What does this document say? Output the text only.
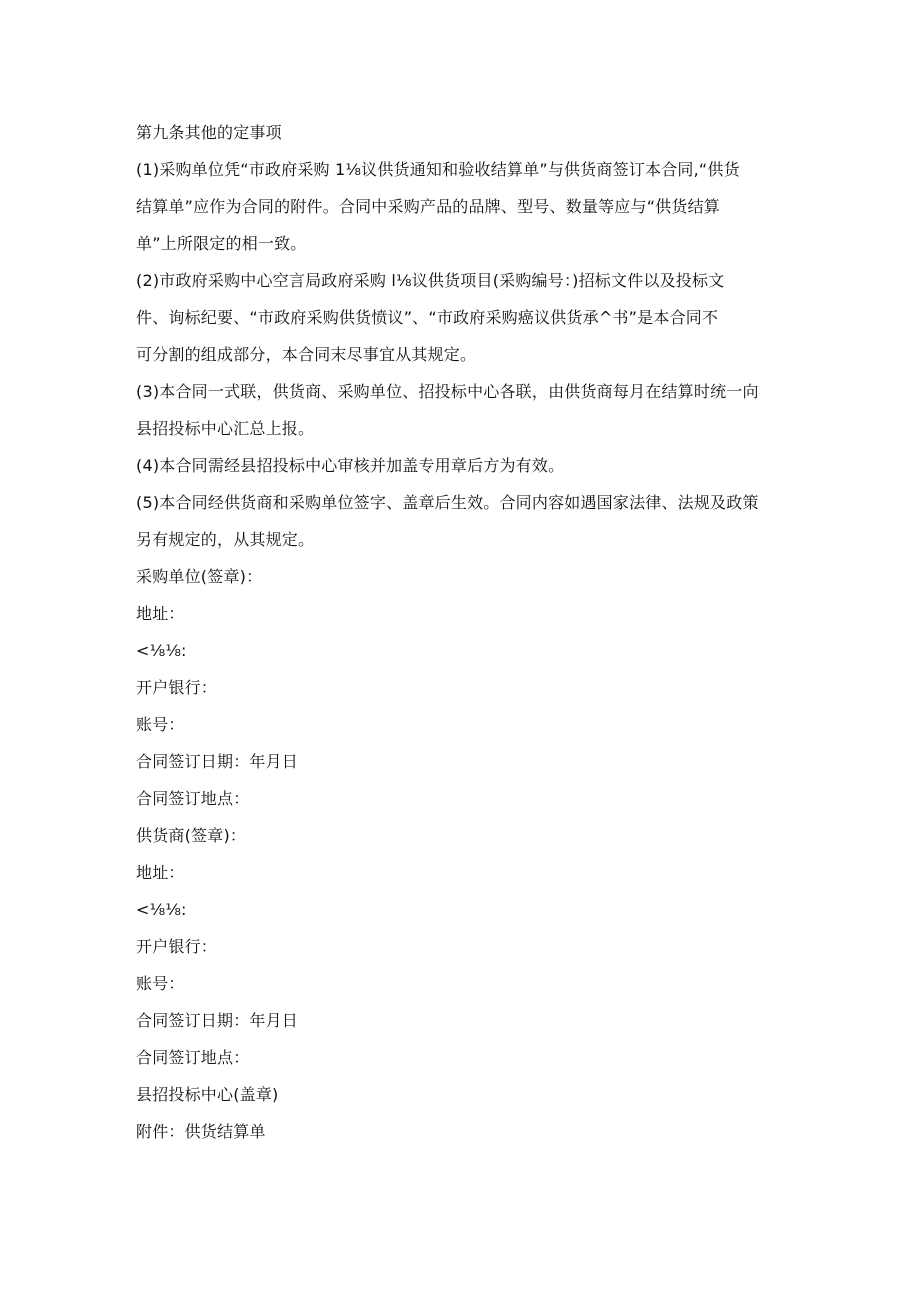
第九条其他的定事项
(1)采购单位凭“市政府采购 1⅛议供货通知和验收结算单”与供货商签订本合同,“供货
结算单”应作为合同的附件。合同中采购产品的品牌、型号、数量等应与“供货结算
单”上所限定的相一致。
(2)市政府采购中心空言局政府采购 l⅛议供货项目(采购编号：)招标文件以及投标文
件、询标纪要、“市政府采购供货愤议”、“市政府采购癌议供货承^书”是本合同不
可分割的组成部分，本合同末尽事宜从其规定。
(3)本合同一式联，供货商、采购单位、招投标中心各联，由供货商每月在结算时统一向
县招投标中心汇总上报。
(4)本合同需经县招投标中心审核并加盖专用章后方为有效。
(5)本合同经供货商和采购单位签字、盖章后生效。合同内容如遇国家法律、法规及政策
另有规定的，从其规定。
采购单位(签章)：
地址：
<⅛⅛:
开户银行：
账号：
合同签订日期：年月日
合同签订地点：
供货商(签章)：
地址：
<⅛⅛:
开户银行：
账号：
合同签订日期：年月日
合同签订地点：
县招投标中心(盖章)
附件：供货结算单
